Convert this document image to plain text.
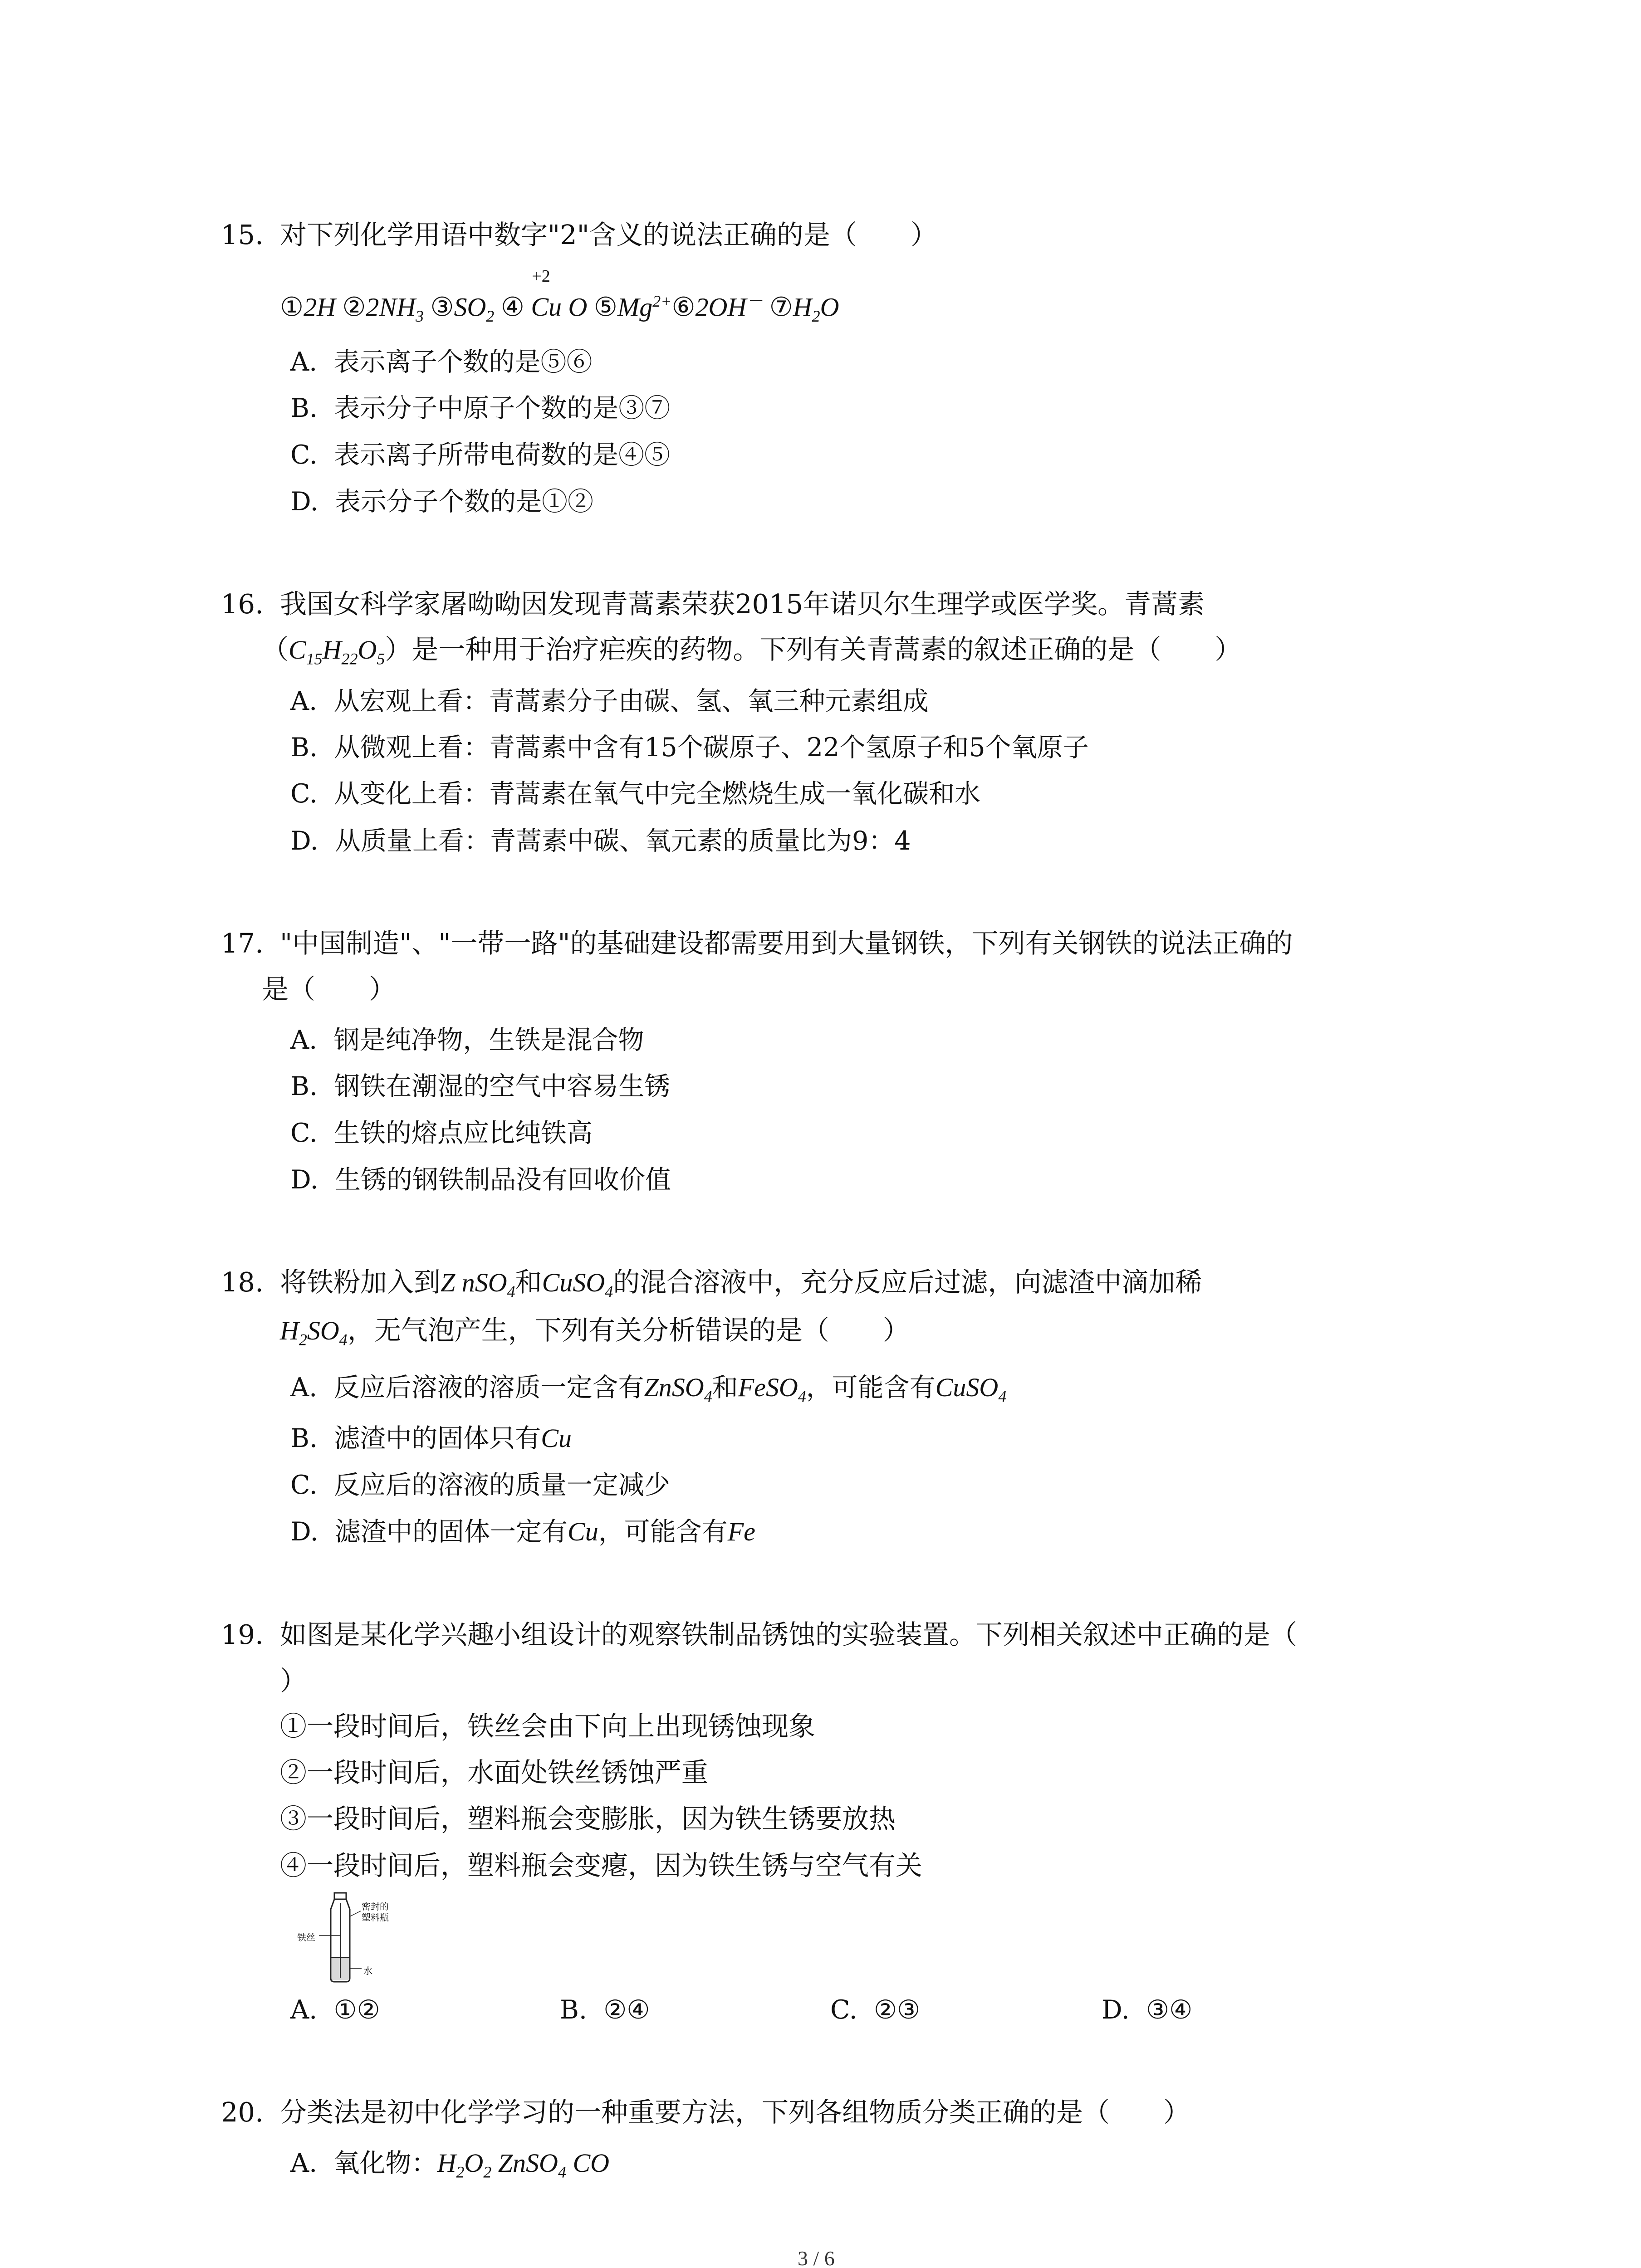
15. 对下列化学用语中数字"2"含义的说法正确的是（　　）
①2H $②2NH_3$ $③SO_2$ ④
+2
Cu O $⑤Mg^{2+}⑥2OH^-$ $⑦H_2O$
A. 表示离子个数的是⑤⑥
B. 表示分子中原子个数的是③⑦
C. 表示离子所带电荷数的是④⑤
D. 表示分子个数的是①②
16. 我国女科学家屠呦呦因发现青蒿素荣获2015年诺贝尔生理学或医学奖。青蒿素
$(C_{15}H_{22}O_5)$是一种用于治疗疟疾的药物。下列有关青蒿素的叙述正确的是（　　）
A. 从宏观上看：青蒿素分子由碳、氢、氧三种元素组成
B. 从微观上看：青蒿素中含有15个碳原子、22个氢原子和5个氧原子
C. 从变化上看：青蒿素在氧气中完全燃烧生成一氧化碳和水
D. 从质量上看：青蒿素中碳、氧元素的质量比为9：4
17. "中国制造"、"一带一路"的基础建设都需要用到大量钢铁，下列有关钢铁的说法正确的
是（　　）
A. 钢是纯净物，生铁是混合物
B. 钢铁在潮湿的空气中容易生锈
C. 生铁的熔点应比纯铁高
D. 生锈的钢铁制品没有回收价值
18. 将铁粉加入到Z nSO$_4$和CuSO$_4$的混合溶液中，充分反应后过滤，向滤渣中滴加稀
$H_2SO_4$，无气泡产生，下列有关分析错误的是（　　）
A. 反应后溶液的溶质一定含有ZnSO$_4$和FeSO$_4$，可能含有CuSO$_4$
B. 滤渣中的固体只有Cu
C. 反应后的溶液的质量一定减少
D. 滤渣中的固体一定有Cu，可能含有Fe
19. 如图是某化学兴趣小组设计的观察铁制品锈蚀的实验装置。下列相关叙述中正确的是（
）
①一段时间后，铁丝会由下向上出现锈蚀现象
②一段时间后，水面处铁丝锈蚀严重
③一段时间后，塑料瓶会变膨胀，因为铁生锈要放热
④一段时间后，塑料瓶会变瘪，因为铁生锈与空气有关
铁丝
密封的
塑料瓶
水
A. ①②	B. ②④	C. ②③	D. ③④
20. 分类法是初中化学学习的一种重要方法，下列各组物质分类正确的是（　　）
A. 氧化物：$H_2O_2$ ZnSO$_4$ CO
3 / 6
